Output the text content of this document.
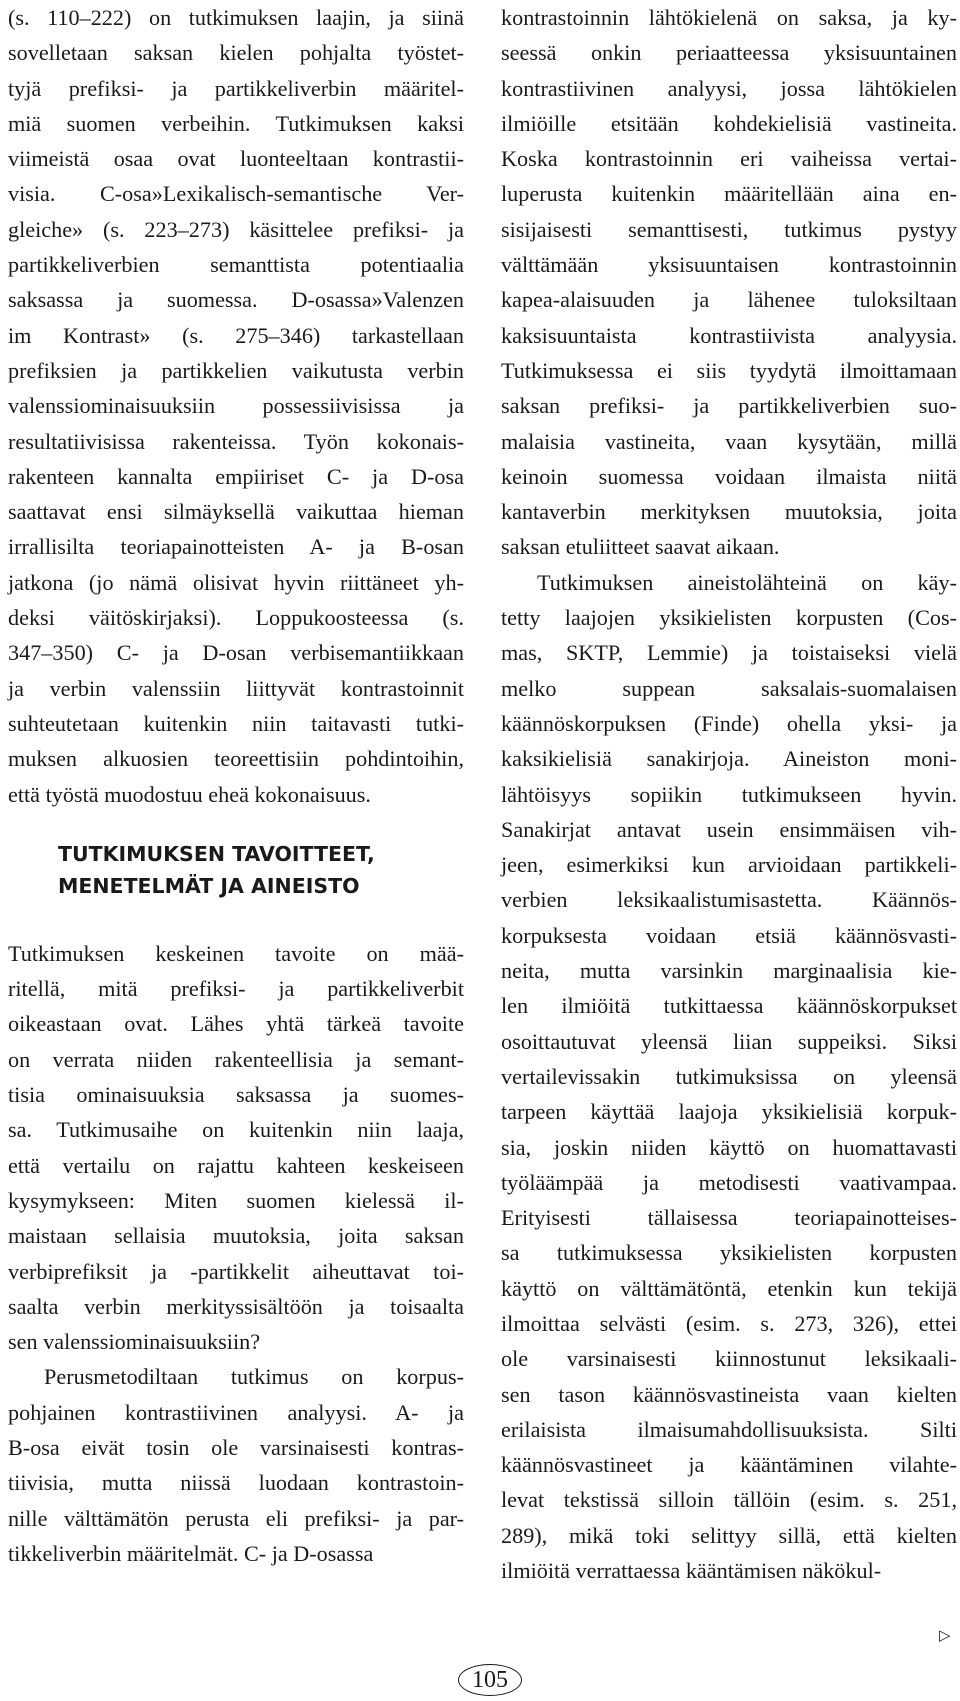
(s. 110–222) on tutkimuksen laajin, ja siinä
sovelletaan saksan kielen pohjalta työstet-
tyjä prefiksi- ja partikkeliverbin määritel-
miä suomen verbeihin. Tutkimuksen kaksi
viimeistä osaa ovat luonteeltaan kontrastii-
visia. C-osa»Lexikalisch-semantische Ver-
gleiche» (s. 223–273) käsittelee prefiksi- ja
partikkeliverbien semanttista potentiaalia
saksassa ja suomessa. D-osassa»Valenzen
im Kontrast» (s. 275–346) tarkastellaan
prefiksien ja partikkelien vaikutusta verbin
valenssiominaisuuksiin possessiivisissa ja
resultatiivisissa rakenteissa. Työn kokonais-
rakenteen kannalta empiiriset C- ja D-osa
saattavat ensi silmäyksellä vaikuttaa hieman
irrallisilta teoriapainotteisten A- ja B-osan
jatkona (jo nämä olisivat hyvin riittäneet yh-
deksi väitöskirjaksi). Loppukoosteessa (s.
347–350) C- ja D-osan verbisemantiikkaan
ja verbin valenssiin liittyvät kontrastoinnit
suhteutetaan kuitenkin niin taitavasti tutki-
muksen alkuosien teoreettisiin pohdintoihin,
että työstä muodostuu eheä kokonaisuus.
TUTKIMUKSEN TAVOITTEET,
MENETELMÄT JA AINEISTO
Tutkimuksen keskeinen tavoite on mää-
ritellä, mitä prefiksi- ja partikkeliverbit
oikeastaan ovat. Lähes yhtä tärkeä tavoite
on verrata niiden rakenteellisia ja semant-
tisia ominaisuuksia saksassa ja suomes-
sa. Tutkimusaihe on kuitenkin niin laaja,
että vertailu on rajattu kahteen keskeiseen
kysymykseen: Miten suomen kielessä il-
maistaan sellaisia muutoksia, joita saksan
verbiprefiksit ja -partikkelit aiheuttavat toi-
saalta verbin merkityssisältöön ja toisaalta
sen valenssiominaisuuksiin?
Perusmetodiltaan tutkimus on korpus-
pohjainen kontrastiivinen analyysi. A- ja
B-osa eivät tosin ole varsinaisesti kontras-
tiivisia, mutta niissä luodaan kontrastoin-
nille välttämätön perusta eli prefiksi- ja par-
tikkeliverbin määritelmät. C- ja D-osassa
kontrastoinnin lähtökielenä on saksa, ja ky-
seessä onkin periaatteessa yksisuuntainen
kontrastiivinen analyysi, jossa lähtökielen
ilmiöille etsitään kohdekielisiä vastineita.
Koska kontrastoinnin eri vaiheissa vertai-
luperusta kuitenkin määritellään aina en-
sisijaisesti semanttisesti, tutkimus pystyy
välttämään yksisuuntaisen kontrastoinnin
kapea-alaisuuden ja lähenee tuloksiltaan
kaksisuuntaista kontrastiivista analyysia.
Tutkimuksessa ei siis tyydytä ilmoittamaan
saksan prefiksi- ja partikkeliverbien suo-
malaisia vastineita, vaan kysytään, millä
keinoin suomessa voidaan ilmaista niitä
kantaverbin merkityksen muutoksia, joita
saksan etuliitteet saavat aikaan.
Tutkimuksen aineistolähteinä on käy-
tetty laajojen yksikielisten korpusten (Cos-
mas, SKTP, Lemmie) ja toistaiseksi vielä
melko suppean saksalais-suomalaisen
käännöskorpuksen (Finde) ohella yksi- ja
kaksikielisiä sanakirjoja. Aineiston moni-
lähtöisyys sopiikin tutkimukseen hyvin.
Sanakirjat antavat usein ensimmäisen vih-
jeen, esimerkiksi kun arvioidaan partikkeli-
verbien leksikaalistumisastetta. Käännös-
korpuksesta voidaan etsiä käännösvasti-
neita, mutta varsinkin marginaalisia kie-
len ilmiöitä tutkittaessa käännöskorpukset
osoittautuvat yleensä liian suppeiksi. Siksi
vertailevissakin tutkimuksissa on yleensä
tarpeen käyttää laajoja yksikielisiä korpuk-
sia, joskin niiden käyttö on huomattavasti
työläämpää ja metodisesti vaativampaa.
Erityisesti tällaisessa teoriapainotteises-
sa tutkimuksessa yksikielisten korpusten
käyttö on välttämätöntä, etenkin kun tekijä
ilmoittaa selvästi (esim. s. 273, 326), ettei
ole varsinaisesti kiinnostunut leksikaali-
sen tason käännösvastineista vaan kielten
erilaisista ilmaisumahdollisuuksista. Silti
käännösvastineet ja kääntäminen vilahte-
levat tekstissä silloin tällöin (esim. s. 251,
289), mikä toki selittyy sillä, että kielten
ilmiöitä verrattaessa kääntämisen näkökul-
▷
105
